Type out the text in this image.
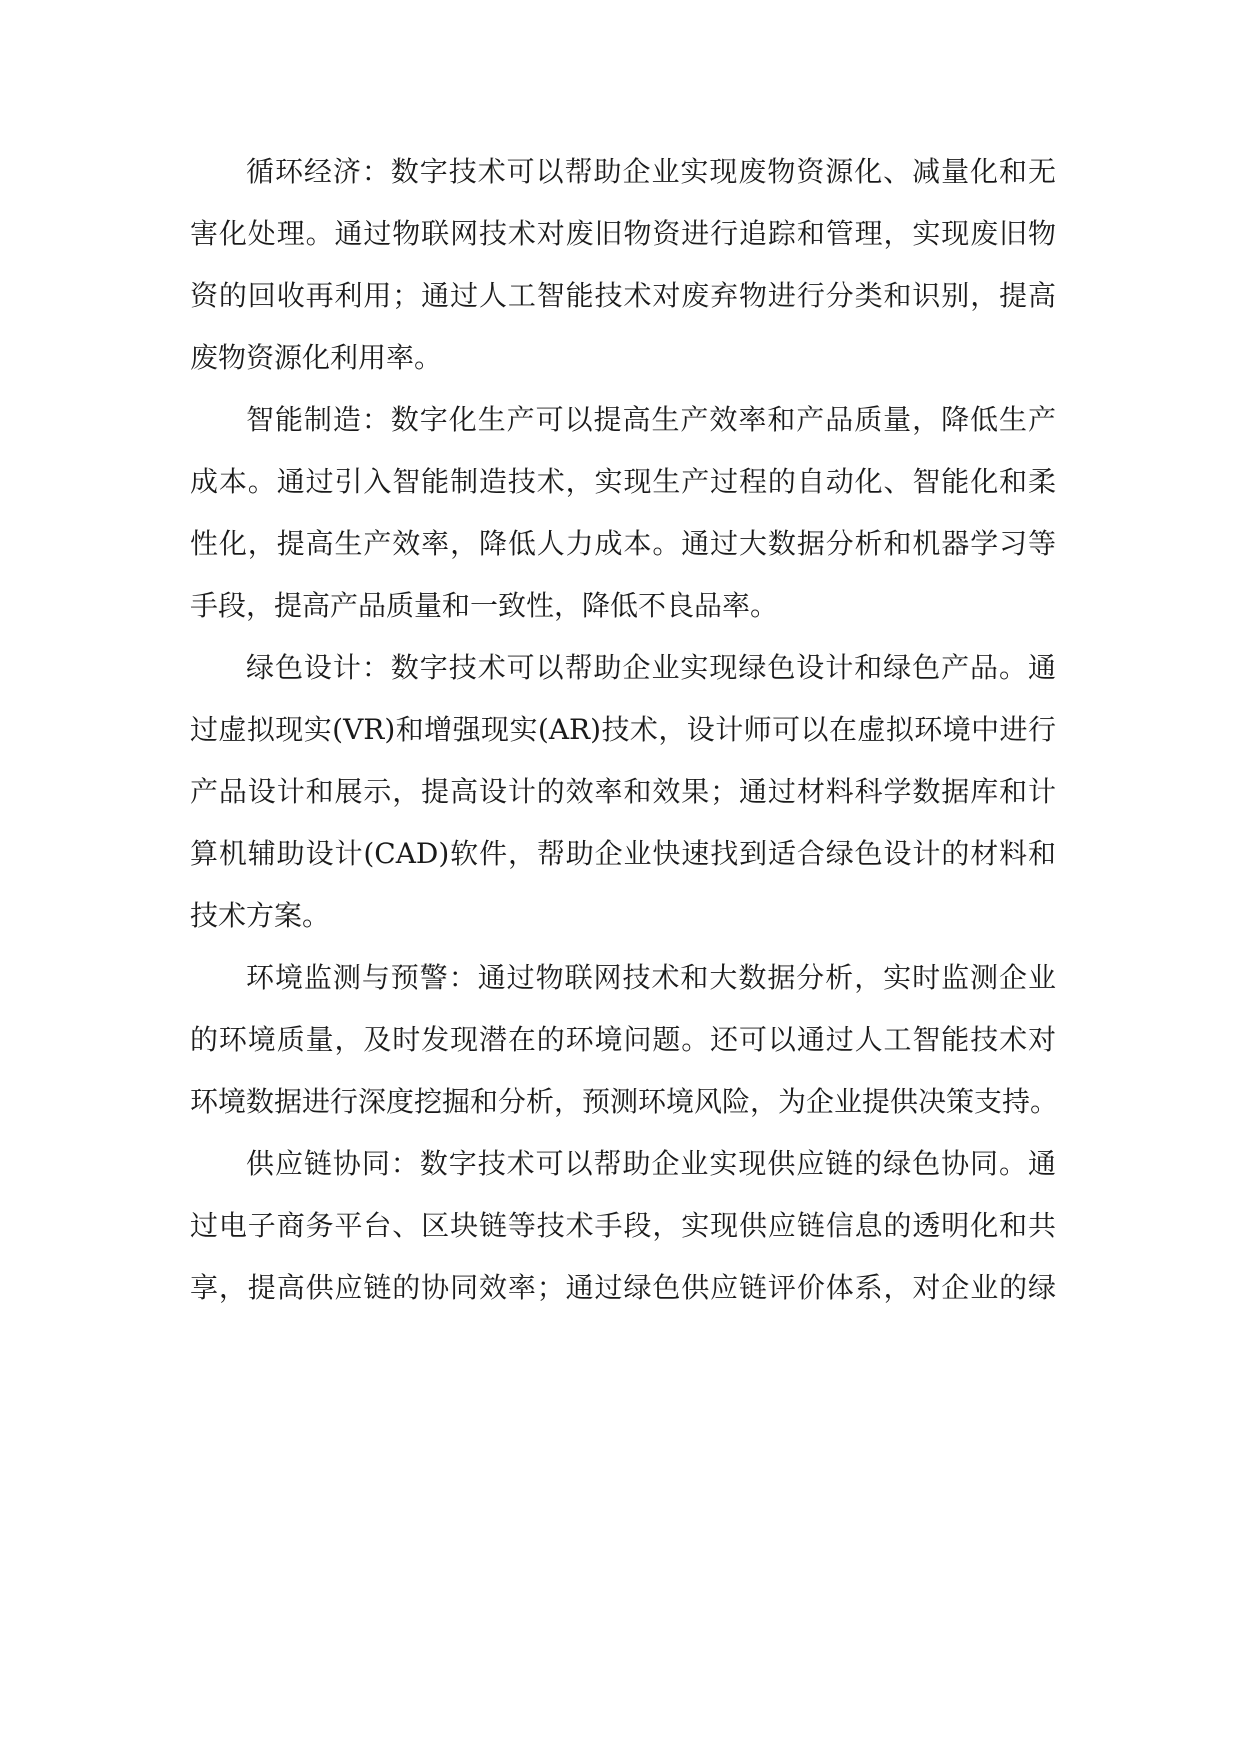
循环经济：数字技术可以帮助企业实现废物资源化、减量化和无
害化处理。通过物联网技术对废旧物资进行追踪和管理，实现废旧物
资的回收再利用；通过人工智能技术对废弃物进行分类和识别，提高
废物资源化利用率。
智能制造：数字化生产可以提高生产效率和产品质量，降低生产
成本。通过引入智能制造技术，实现生产过程的自动化、智能化和柔
性化，提高生产效率，降低人力成本。通过大数据分析和机器学习等
手段，提高产品质量和一致性，降低不良品率。
绿色设计：数字技术可以帮助企业实现绿色设计和绿色产品。通
过虚拟现实(VR)和增强现实(AR)技术，设计师可以在虚拟环境中进行
产品设计和展示，提高设计的效率和效果；通过材料科学数据库和计
算机辅助设计(CAD)软件，帮助企业快速找到适合绿色设计的材料和
技术方案。
环境监测与预警：通过物联网技术和大数据分析，实时监测企业
的环境质量，及时发现潜在的环境问题。还可以通过人工智能技术对
环境数据进行深度挖掘和分析，预测环境风险，为企业提供决策支持。
供应链协同：数字技术可以帮助企业实现供应链的绿色协同。通
过电子商务平台、区块链等技术手段，实现供应链信息的透明化和共
享，提高供应链的协同效率；通过绿色供应链评价体系，对企业的绿
